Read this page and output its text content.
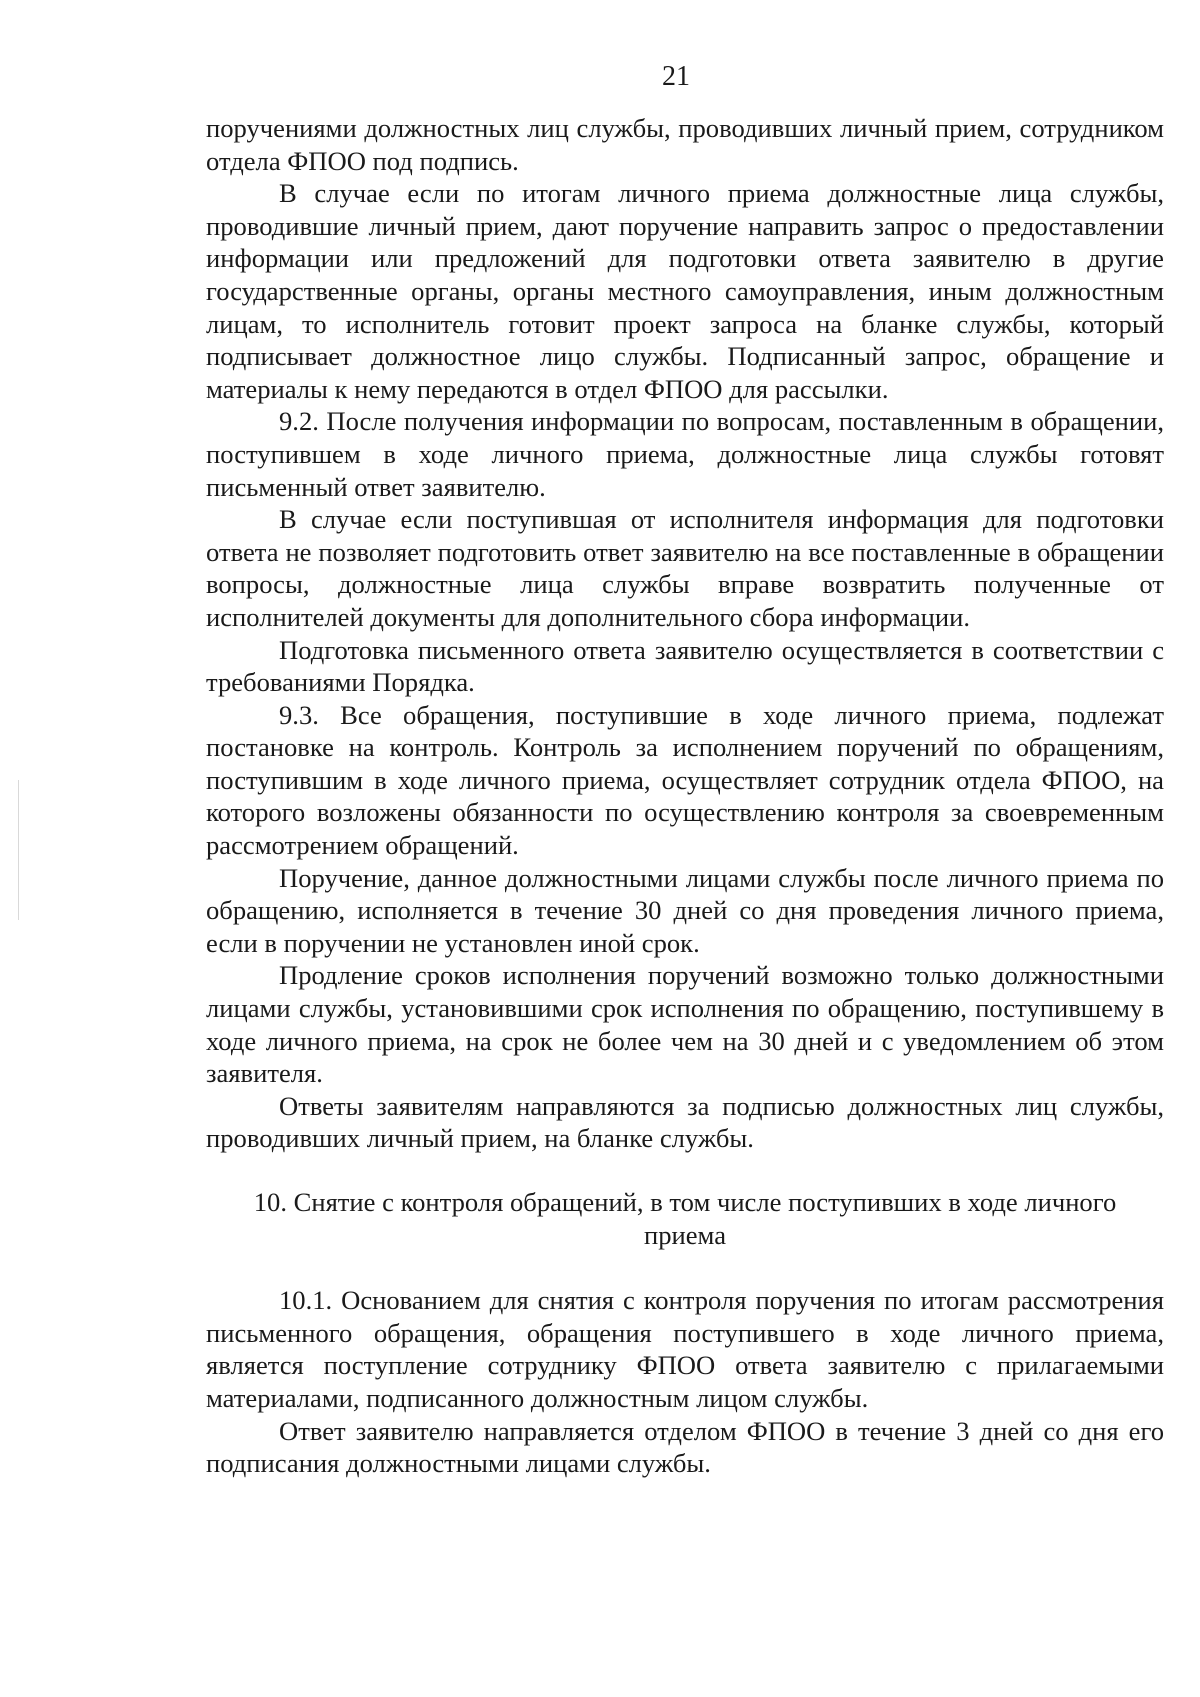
21

поручениями должностных лиц службы, проводивших личный прием, сотрудником отдела ФПОО под подпись.

В случае если по итогам личного приема должностные лица службы, проводившие личный прием, дают поручение направить запрос о предоставлении информации или предложений для подготовки ответа заявителю в другие государственные органы, органы местного самоуправления, иным должностным лицам, то исполнитель готовит проект запроса на бланке службы, который подписывает должностное лицо службы. Подписанный запрос, обращение и материалы к нему передаются в отдел ФПОО для рассылки.

9.2. После получения информации по вопросам, поставленным в обращении, поступившем в ходе личного приема, должностные лица службы готовят письменный ответ заявителю.

В случае если поступившая от исполнителя информация для подготовки ответа не позволяет подготовить ответ заявителю на все поставленные в обращении вопросы, должностные лица службы вправе возвратить полученные от исполнителей документы для дополнительного сбора информации.

Подготовка письменного ответа заявителю осуществляется в соответствии с требованиями Порядка.

9.3. Все обращения, поступившие в ходе личного приема, подлежат постановке на контроль. Контроль за исполнением поручений по обращениям, поступившим в ходе личного приема, осуществляет сотрудник отдела ФПОО, на которого возложены обязанности по осуществлению контроля за своевременным рассмотрением обращений.

Поручение, данное должностными лицами службы после личного приема по обращению, исполняется в течение 30 дней со дня проведения личного приема, если в поручении не установлен иной срок.

Продление сроков исполнения поручений возможно только должностными лицами службы, установившими срок исполнения по обращению, поступившему в ходе личного приема, на срок не более чем на 30 дней и с уведомлением об этом заявителя.

Ответы заявителям направляются за подписью должностных лиц службы, проводивших личный прием, на бланке службы.

10. Снятие с контроля обращений, в том числе поступивших в ходе личного
приема

10.1. Основанием для снятия с контроля поручения по итогам рассмотрения письменного обращения, обращения поступившего в ходе личного приема, является поступление сотруднику ФПОО ответа заявителю с прилагаемыми материалами, подписанного должностным лицом службы.

Ответ заявителю направляется отделом ФПОО в течение 3 дней со дня его подписания должностными лицами службы.
